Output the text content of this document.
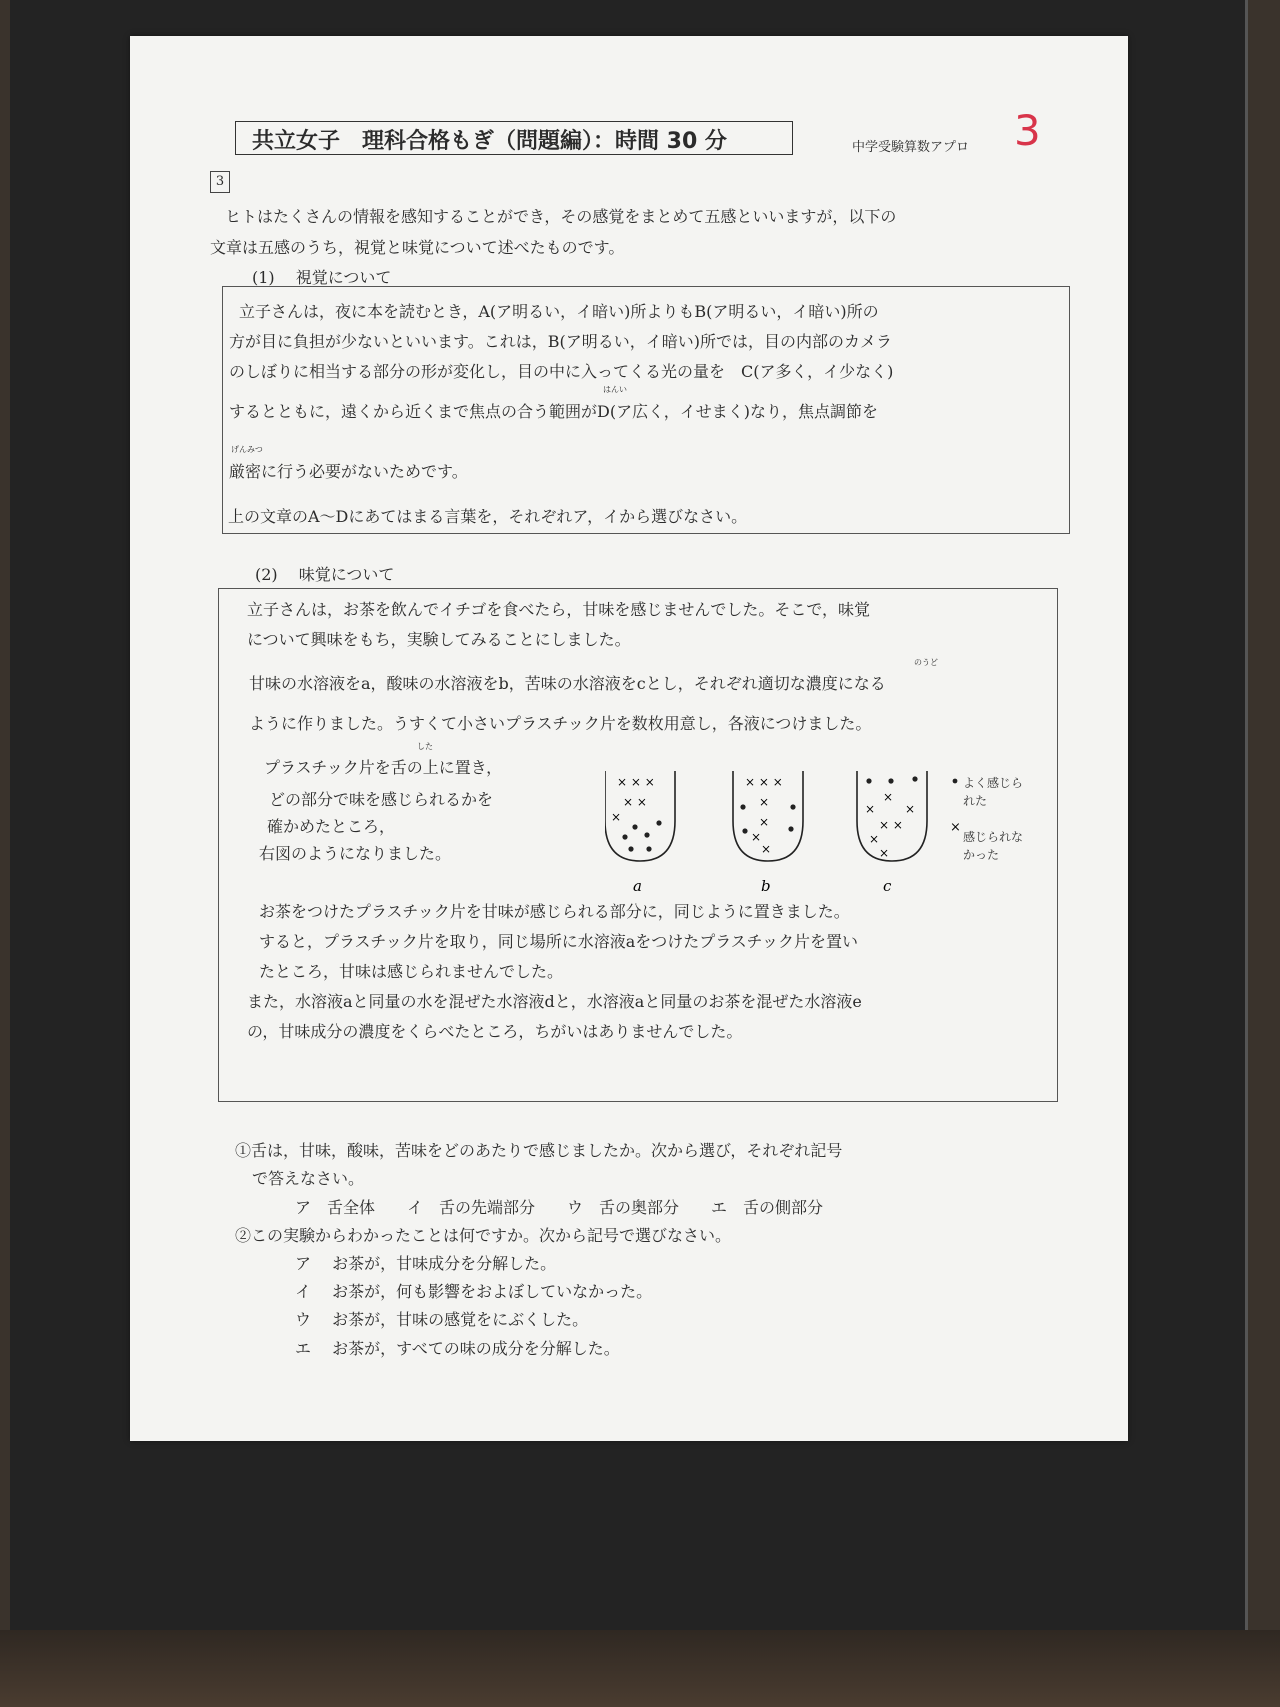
共立女子　理科合格もぎ（問題編）：時間 30 分	中学受験算数アプロ 3
3
ヒトはたくさんの情報を感知することができ，その感覚をまとめて五感といいますが，以下の
文章は五感のうち，視覚と味覚について述べたものです。
(1)　 視覚について
立子さんは，夜に本を読むとき，A(ア明るい，イ暗い)所よりもB(ア明るい，イ暗い)所の
方が目に負担が少ないといいます。これは，B(ア明るい，イ暗い)所では，目の内部のカメラ
のしぼりに相当する部分の形が変化し，目の中に入ってくる光の量を　C(ア多く，イ少なく)
はんい
するとともに，遠くから近くまで焦点の合う範囲がD(ア広く，イせまく)なり，焦点調節を
げんみつ
厳密に行う必要がないためです。
上の文章のA～Dにあてはまる言葉を，それぞれア，イから選びなさい。
(2)　 味覚について
立子さんは，お茶を飲んでイチゴを食べたら，甘味を感じませんでした。そこで，味覚
について興味をもち，実験してみることにしました。
のうど
甘味の水溶液をa，酸味の水溶液をb，苦味の水溶液をcとし，それぞれ適切な濃度になる
ように作りました。うすくて小さいプラスチック片を数枚用意し，各液につけました。
した
プラスチック片を舌の上に置き，
どの部分で味を感じられるかを
確かめたところ，
右図のようになりました。
お茶をつけたプラスチック片を甘味が感じられる部分に，同じように置きました。
すると，プラスチック片を取り，同じ場所に水溶液aをつけたプラスチック片を置い
たところ，甘味は感じられませんでした。
また，水溶液aと同量の水を混ぜた水溶液dと，水溶液aと同量のお茶を混ぜた水溶液e
の，甘味成分の濃度をくらべたところ，ちがいはありませんでした。
× × ×
× ×
×
a
× × ×
×
×
×
×
b
×
× ×
× ×
×
×
c
×
よく感じられた
感じられなかった
①舌は，甘味，酸味，苦味をどのあたりで感じましたか。次から選び，それぞれ記号
で答えなさい。
ア　舌全体　　イ　舌の先端部分　　ウ　舌の奥部分　　エ　舌の側部分
②この実験からわかったことは何ですか。次から記号で選びなさい。
ア　 お茶が，甘味成分を分解した。
イ　 お茶が，何も影響をおよぼしていなかった。
ウ　 お茶が，甘味の感覚をにぶくした。
エ　 お茶が，すべての味の成分を分解した。
